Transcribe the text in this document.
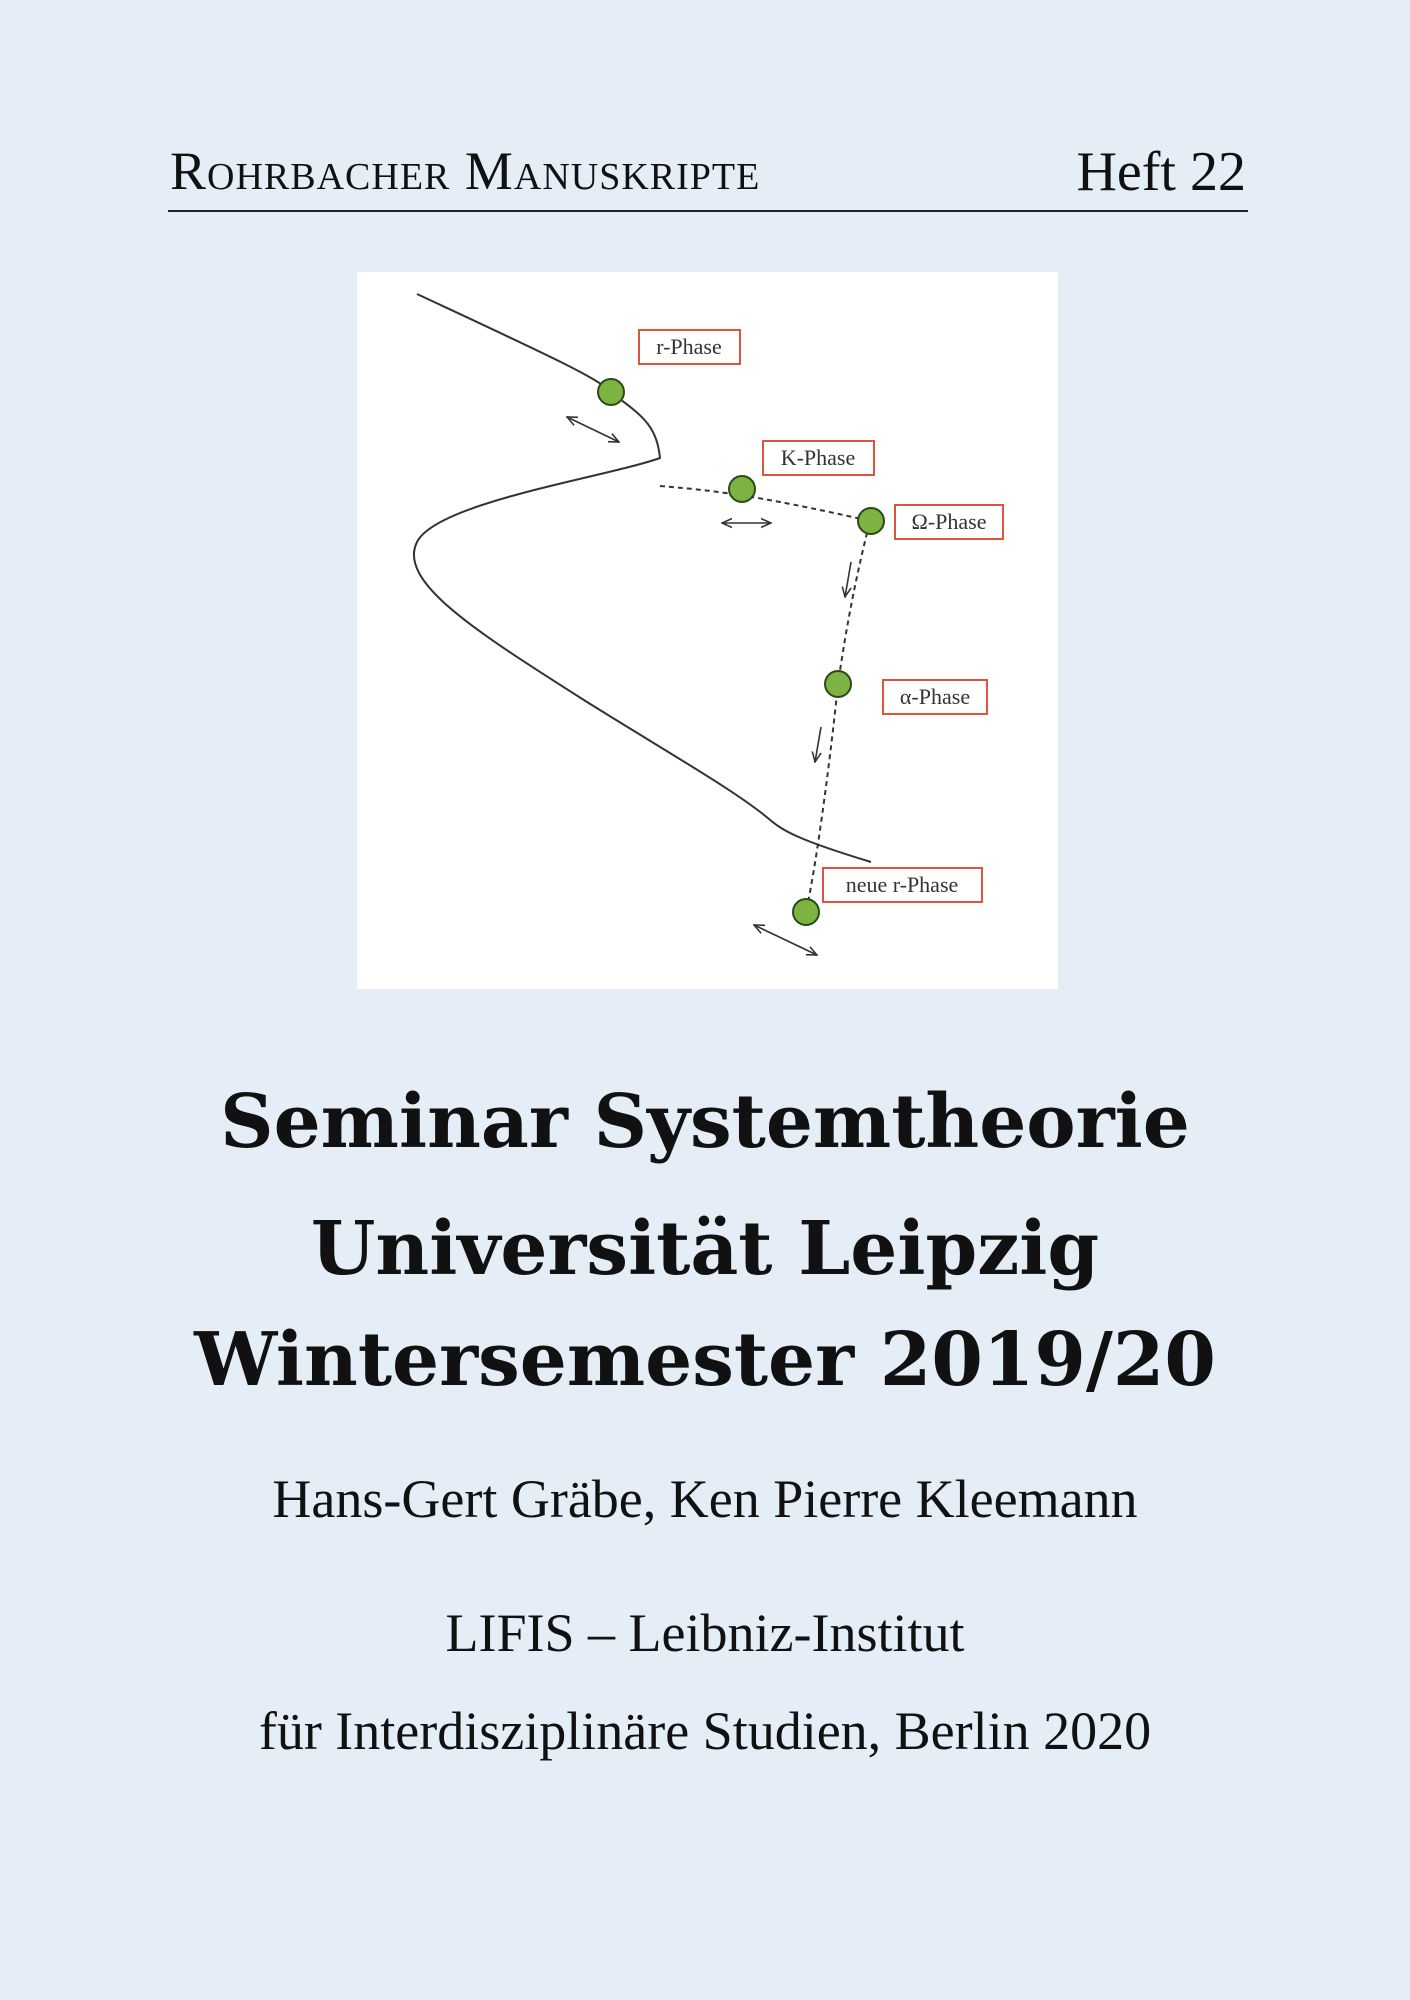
Rohrbacher Manuskripte	Heft 22
r-Phase
K-Phase
Ω-Phase
α-Phase
neue r-Phase
Seminar Systemtheorie
Universität Leipzig
Wintersemester 2019/20
Hans-Gert Gräbe, Ken Pierre Kleemann
LIFIS – Leibniz-Institut
für Interdisziplinäre Studien, Berlin 2020
